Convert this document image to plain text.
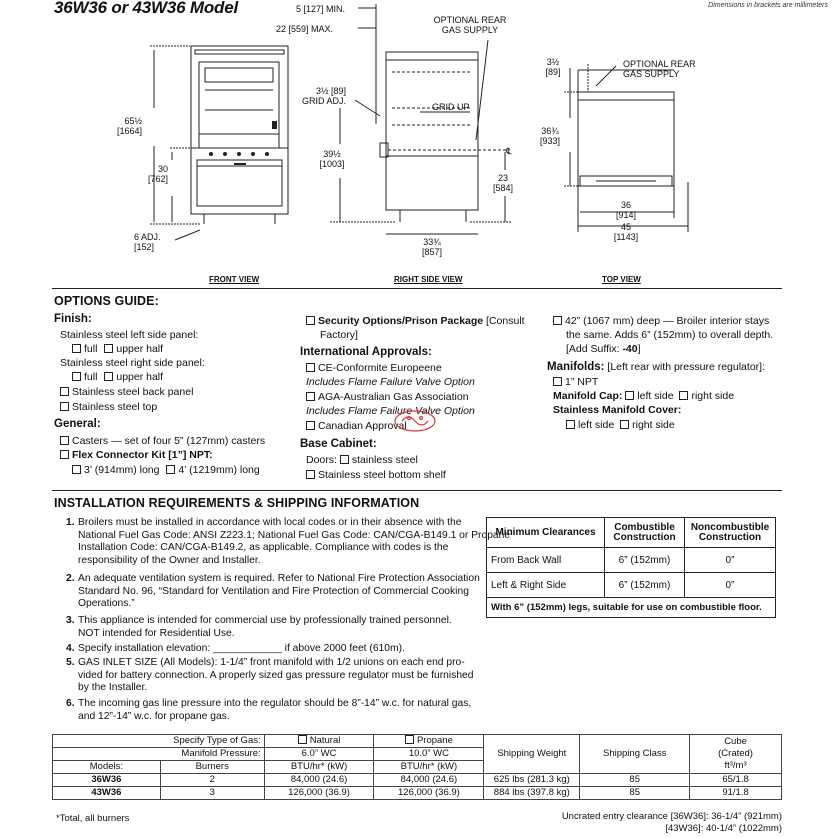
36W36 or 43W36 Model	Dimensions in brackets are millimeters
65½
[1664]
30
[762]
6 ADJ.
[152]
FRONT VIEW
5 [127] MIN.
22 [559] MAX.
OPTIONAL REAR
GAS SUPPLY
3½ [89]
GRID ADJ.
GRID UP
39½
[1003]
℄
23
[584]
33¾
[857]
RIGHT SIDE VIEW
3½
[89]
OPTIONAL REAR
GAS SUPPLY
36¾
[933]
36
[914]
45
[1143]
TOP VIEW
OPTIONS GUIDE:
Finish:
Stainless steel left side panel:
full upper half
Stainless steel right side panel:
full upper half
Stainless steel back panel
Stainless steel top
General:
Casters — set of four 5” (127mm) casters
Flex Connector Kit [1”] NPT:
3’ (914mm) long 4’ (1219mm) long
Security Options/Prison Package [Consult
Factory]
International Approvals:
CE-Conformite Europeene
Includes Flame Failure Valve Option
AGA-Australian Gas Association
Includes Flame Failure Valve Option
Canadian Approval
Base Cabinet:
Doors: stainless steel
Stainless steel bottom shelf
42” (1067 mm) deep — Broiler interior stays
the same. Adds 6” (152mm) to overall depth.
[Add Suffix: -40]
Manifolds: [Left rear with pressure regulator]:
1” NPT
Manifold Cap: left side right side
Stainless Manifold Cover:
left side right side
INSTALLATION REQUIREMENTS & SHIPPING INFORMATION
1. Broilers must be installed in accordance with local codes or in their absence with the
National Fuel Gas Code: ANSI Z223.1; National Fuel Gas Code: CAN/CGA-B149.1 or Propane
Installation Code: CAN/CGA-B149.2, as applicable. Compliance with codes is the
responsibility of the Owner and Installer.
2. An adequate ventilation system is required. Refer to National Fire Protection Association
Standard No. 96, “Standard for Ventilation and Fire Protection of Commercial Cooking
Operations.”
3. This appliance is intended for commercial use by professionally trained personnel.
NOT intended for Residential Use.
4. Specify installation elevation: ____________ if above 2000 feet (610m).
5. GAS INLET SIZE (All Models): 1-1/4” front manifold with 1/2 unions on each end pro-
vided for battery connection. A properly sized gas pressure regulator must be furnished
by the Installer.
6. The incoming gas line pressure into the regulator should be 8”-14” w.c. for natural gas,
and 12”-14” w.c. for propane gas.
Minimum Clearances	Combustible Construction	Noncombustible Construction
From Back Wall	6” (152mm)	0”
Left & Right Side	6” (152mm)	0”
With 6” (152mm) legs, suitable for use on combustible floor.		
Specify Type of Gas:		Natural	Propane	Shipping Weight	Shipping Class	Cube
(Crated)
ft³/m³

Manifold Pressure:		6.0” WC	10.0” WC			
Models:	Burners	BTU/hr* (kW)	BTU/hr* (kW)			
36W36	2	84,000 (24.6)	84,000 (24.6)	625 lbs (281.3 kg)	85	65/1.8
43W36	3	126,000 (36.9)	126,000 (36.9)	884 lbs (397.8 kg)	85	91/1.8
*Total, all burners	Uncrated entry clearance [36W36]: 36-1/4” (921mm)
[43W36]: 40-1/4” (1022mm)
